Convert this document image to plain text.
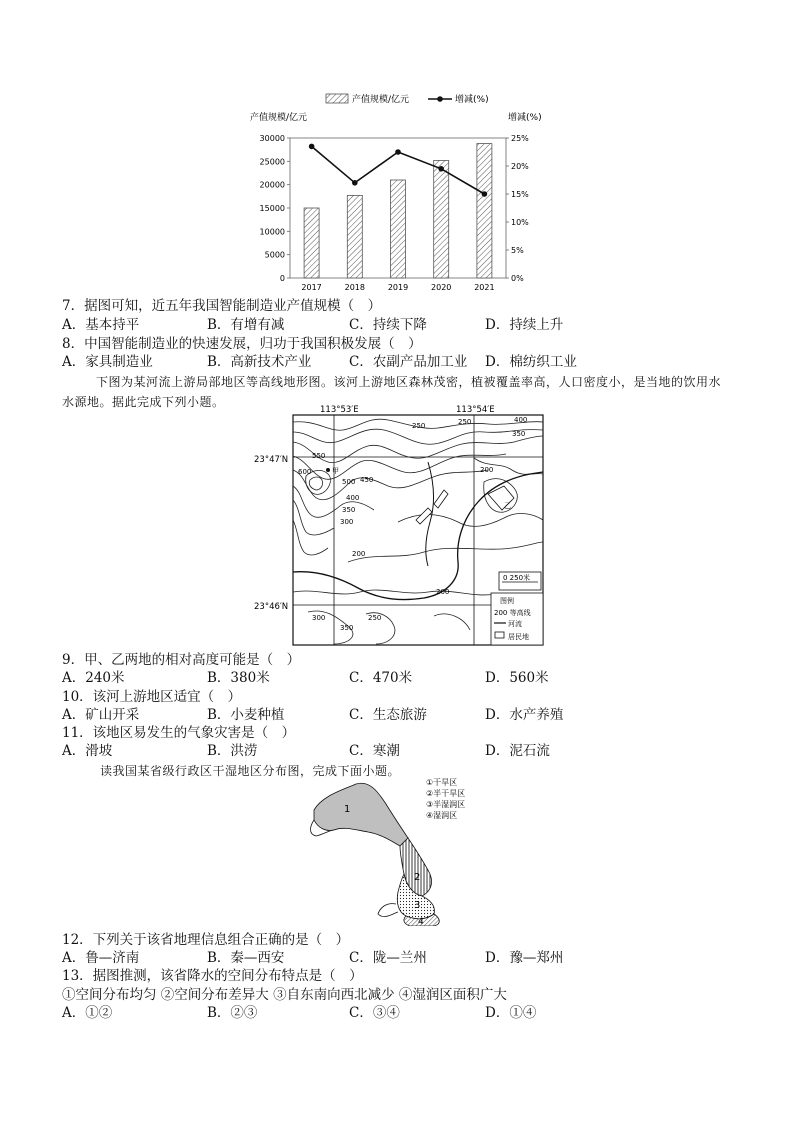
产值规模/亿元	增减(%)
产值规模/亿元	增减(%)
30000
25000
20000
15000
10000
5000
0
25%
20%
15%
10%
5%
0%
2017	2018	2019	2020	2021
7．据图可知，近五年我国智能制造业产值规模（　）
A．基本持平	B．有增有减	C．持续下降	D．持续上升
8．中国智能制造业的快速发展，归功于我国积极发展（　）
A．家具制造业	B．高新技术产业	C．农副产品加工业 D．棉纺织工业
下图为某河流上游局部地区等高线地形图。该河上游地区森林茂密，植被覆盖率高，人口密度小，是当地的饮用水水源地。据此完成下列小题。
113°53′E	113°54′E
23°47′N
23°46′N
550
600
500 450
400
350
300
250
200
250	400
350
200
200
300	250
350
甲
乙
0 250米
图例
200 等高线
河流
居民地
9．甲、乙两地的相对高度可能是（　）
A．240米	B．380米	C．470米	D．560米
10．该河上游地区适宜（　）
A．矿山开采	B．小麦种植	C．生态旅游	D．水产养殖
11．该地区易发生的气象灾害是（　）
A．滑坡	B．洪涝	C．寒潮	D．泥石流
读我国某省级行政区干湿地区分布图，完成下面小题。
1
2
3
4
①干旱区
②半干旱区
③半湿润区
④湿润区
12．下列关于该省地理信息组合正确的是（　）
A．鲁—济南	B．秦—西安	C．陇—兰州	D．豫—郑州
13．据图推测，该省降水的空间分布特点是（　）
①空间分布均匀 ②空间分布差异大 ③自东南向西北减少 ④湿润区面积广大
A．①②	B．②③	C．③④	D．①④
